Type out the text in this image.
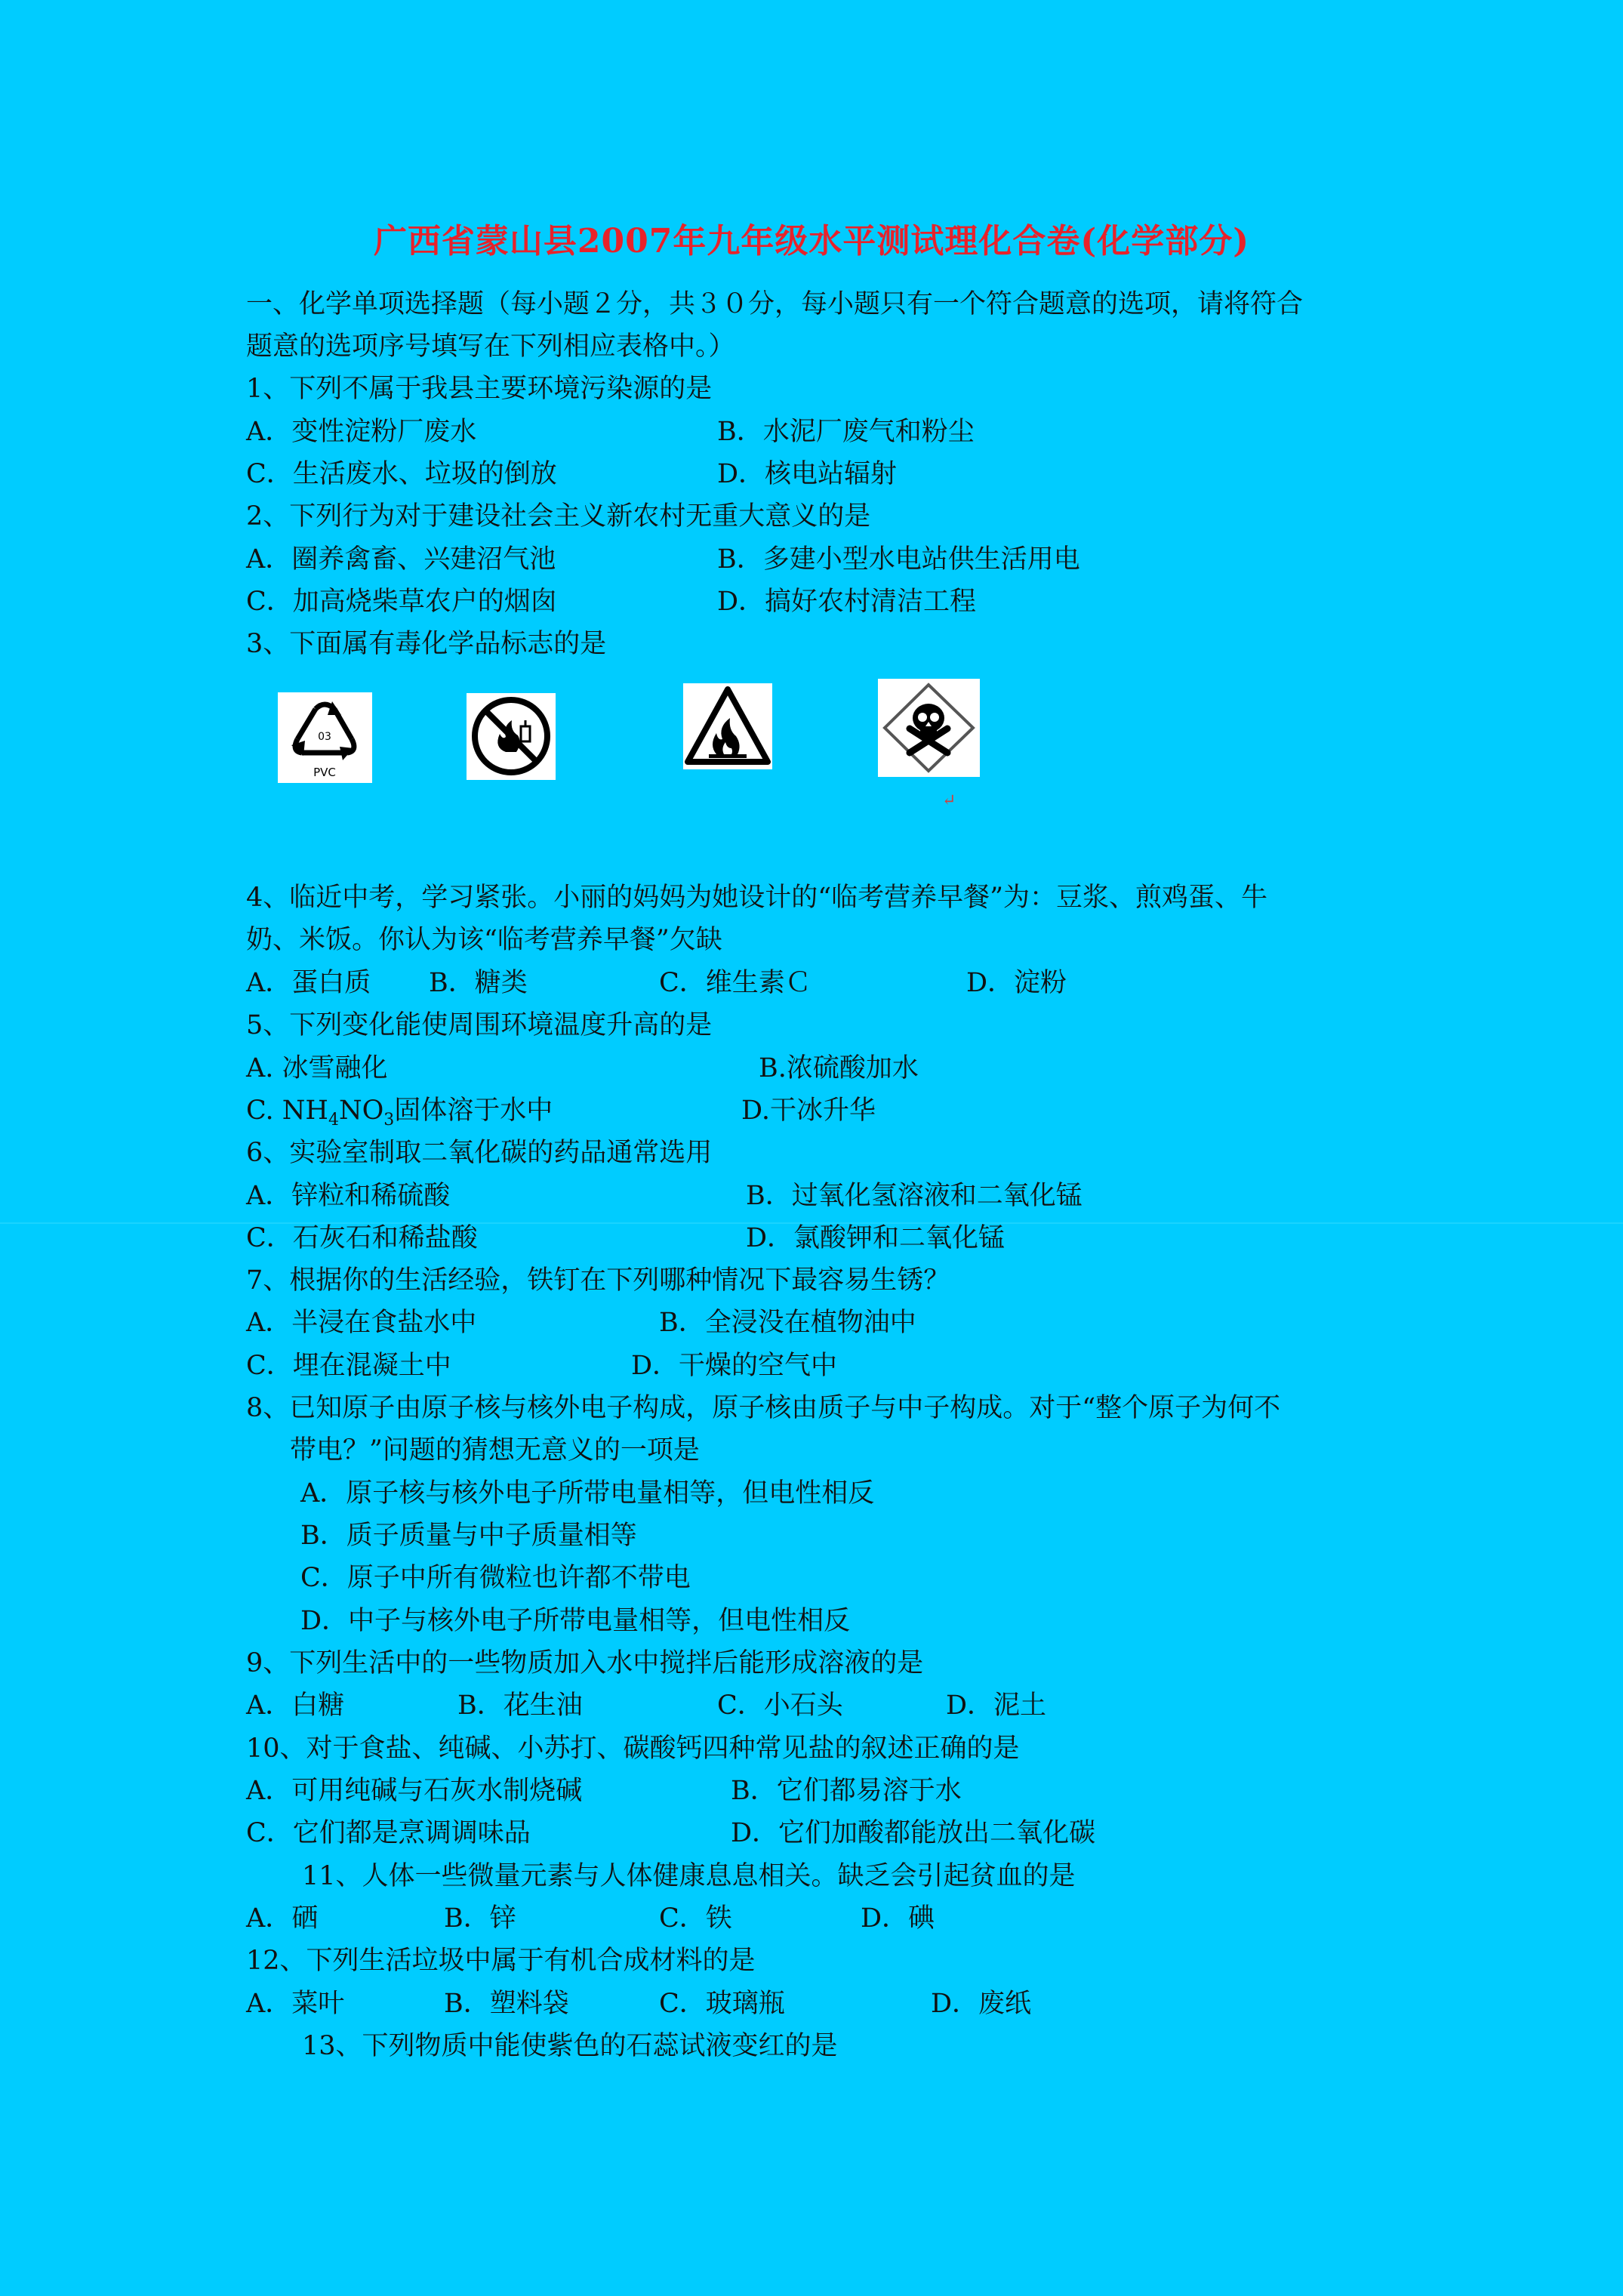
广西省蒙山县2007年九年级水平测试理化合卷(化学部分)
一、化学单项选择题（每小题２分，共３０分，每小题只有一个符合题意的选项，请将符合
题意的选项序号填写在下列相应表格中。）
1、下列不属于我县主要环境污染源的是
A．变性淀粉厂废水	B．水泥厂废气和粉尘
C．生活废水、垃圾的倒放	D．核电站辐射
2、下列行为对于建设社会主义新农村无重大意义的是
A．圈养禽畜、兴建沼气池	B．多建小型水电站供生活用电
C．加高烧柴草农户的烟囱	D．搞好农村清洁工程
3、下面属有毒化学品标志的是
03
PVC
↵
4、临近中考，学习紧张。小丽的妈妈为她设计的“临考营养早餐”为：豆浆、煎鸡蛋、牛
奶、米饭。你认为该“临考营养早餐”欠缺
A．蛋白质 B．糖类	C．维生素Ｃ	D．淀粉
5、下列变化能使周围环境温度升高的是
A. 冰雪融化	B.浓硫酸加水
C. $NH_4NO_3$固体溶于水中	D.干冰升华
6、实验室制取二氧化碳的药品通常选用
A．锌粒和稀硫酸	B．过氧化氢溶液和二氧化锰
C．石灰石和稀盐酸	D．氯酸钾和二氧化锰
7、根据你的生活经验，铁钉在下列哪种情况下最容易生锈？
A．半浸在食盐水中	B．全浸没在植物油中
C．埋在混凝土中	D．干燥的空气中
8、已知原子由原子核与核外电子构成，原子核由质子与中子构成。对于“整个原子为何不
带电？”问题的猜想无意义的一项是
A．原子核与核外电子所带电量相等，但电性相反
B．质子质量与中子质量相等
C．原子中所有微粒也许都不带电
D．中子与核外电子所带电量相等，但电性相反
9、下列生活中的一些物质加入水中搅拌后能形成溶液的是
A．白糖	B．花生油	C．小石头	D．泥土
10、对于食盐、纯碱、小苏打、碳酸钙四种常见盐的叙述正确的是
A．可用纯碱与石灰水制烧碱	B．它们都易溶于水
C．它们都是烹调调味品	D．它们加酸都能放出二氧化碳
11、人体一些微量元素与人体健康息息相关。缺乏会引起贫血的是
A．硒	B．锌	C．铁	D．碘
12、下列生活垃圾中属于有机合成材料的是
A．菜叶	B．塑料袋	C．玻璃瓶	D．废纸
13、下列物质中能使紫色的石蕊试液变红的是
